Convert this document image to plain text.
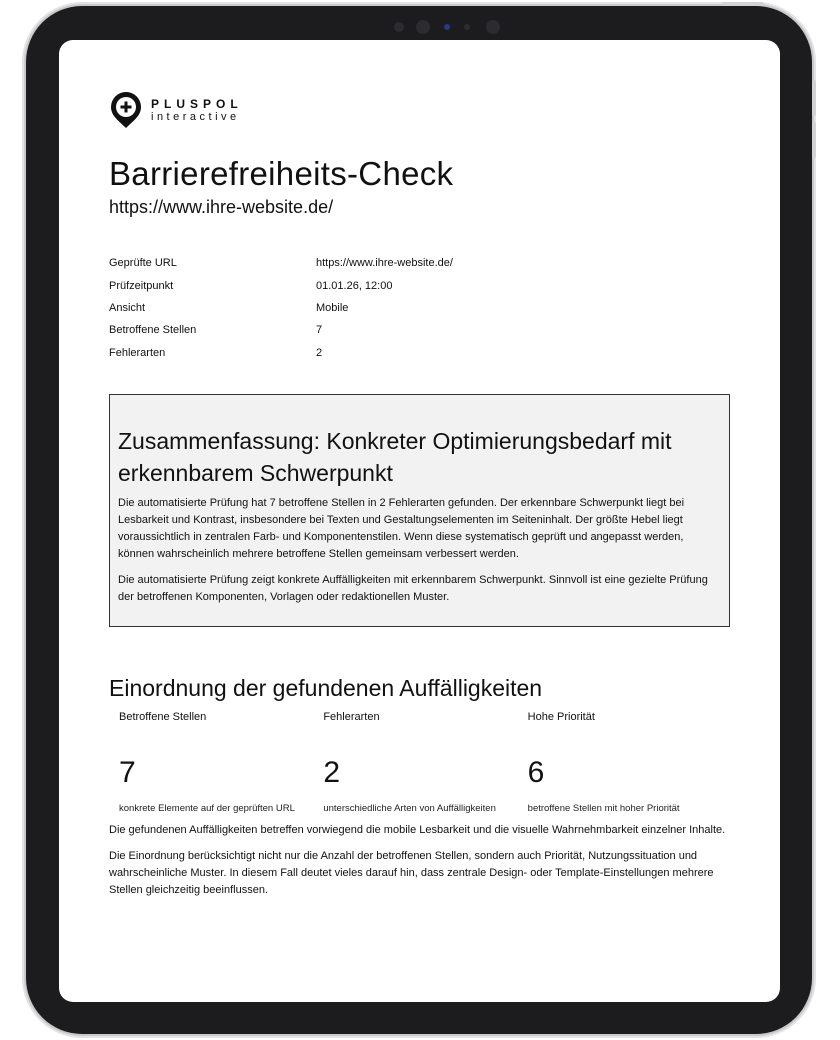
PLUSPOL
interactive
Barrierefreiheits-Check
https://www.ihre-website.de/
Geprüfte URL	https://www.ihre-website.de/
Prüfzeitpunkt	01.01.26, 12:00
Ansicht	Mobile
Betroffene Stellen	7
Fehlerarten	2
Zusammenfassung: Konkreter Optimierungsbedarf mit erkennbarem Schwerpunkt

Die automatisierte Prüfung hat 7 betroffene Stellen in 2 Fehlerarten gefunden. Der erkennbare Schwerpunkt liegt bei Lesbarkeit und Kontrast, insbesondere bei Texten und Gestaltungselementen im Seiteninhalt. Der größte Hebel liegt voraussichtlich in zentralen Farb- und Komponentenstilen. Wenn diese systematisch geprüft und angepasst werden, können wahrscheinlich mehrere betroffene Stellen gemeinsam verbessert werden.

Die automatisierte Prüfung zeigt konkrete Auffälligkeiten mit erkennbarem Schwerpunkt. Sinnvoll ist eine gezielte Prüfung der betroffenen Komponenten, Vorlagen oder redaktionellen Muster.

Einordnung der gefundenen Auffälligkeiten
Betroffene Stellen
7
konkrete Elemente auf der geprüften URL
Fehlerarten
2
unterschiedliche Arten von Auffälligkeiten
Hohe Priorität
6
betroffene Stellen mit hoher Priorität
Die gefundenen Auffälligkeiten betreffen vorwiegend die mobile Lesbarkeit und die visuelle Wahrnehmbarkeit einzelner Inhalte.
Die Einordnung berücksichtigt nicht nur die Anzahl der betroffenen Stellen, sondern auch Priorität, Nutzungssituation und wahrscheinliche Muster. In diesem Fall deutet vieles darauf hin, dass zentrale Design- oder Template-Einstellungen mehrere Stellen gleichzeitig beeinflussen.
